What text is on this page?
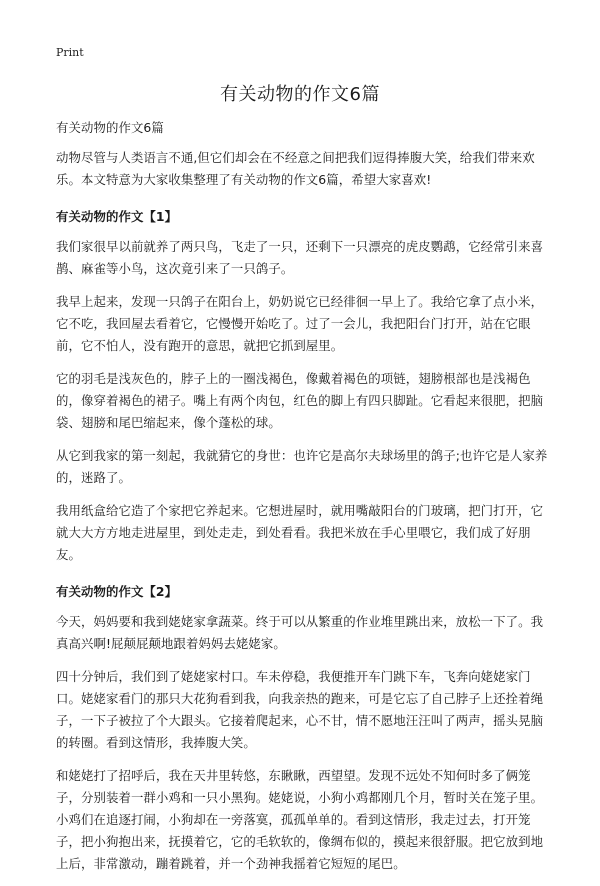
Print
有关动物的作文6篇

有关动物的作文6篇

动物尽管与人类语言不通,但它们却会在不经意之间把我们逗得捧腹大笑，给我们带来欢乐。本文特意为大家收集整理了有关动物的作文6篇，希望大家喜欢!

有关动物的作文【1】

我们家很早以前就养了两只鸟，飞走了一只，还剩下一只漂亮的虎皮鹦鹉，它经常引来喜鹊、麻雀等小鸟，这次竟引来了一只鸽子。

我早上起来，发现一只鸽子在阳台上，奶奶说它已经徘徊一早上了。我给它拿了点小米，它不吃，我回屋去看着它，它慢慢开始吃了。过了一会儿，我把阳台门打开，站在它眼前，它不怕人，没有跑开的意思，就把它抓到屋里。

它的羽毛是浅灰色的，脖子上的一圈浅褐色，像戴着褐色的项链，翅膀根部也是浅褐色的，像穿着褐色的裙子。嘴上有两个肉包，红色的脚上有四只脚趾。它看起来很肥，把脑袋、翅膀和尾巴缩起来，像个蓬松的球。

从它到我家的第一刻起，我就猜它的身世：也许它是高尔夫球场里的鸽子;也许它是人家养的，迷路了。

我用纸盒给它造了个家把它养起来。它想进屋时，就用嘴敲阳台的门玻璃，把门打开，它就大大方方地走进屋里，到处走走，到处看看。我把米放在手心里喂它，我们成了好朋友。

有关动物的作文【2】

今天，妈妈要和我到姥姥家拿蔬菜。终于可以从繁重的作业堆里跳出来，放松一下了。我真高兴啊!屁颠屁颠地跟着妈妈去姥姥家。

四十分钟后，我们到了姥姥家村口。车未停稳，我便推开车门跳下车，飞奔向姥姥家门口。姥姥家看门的那只大花狗看到我，向我亲热的跑来，可是它忘了自己脖子上还拴着绳子，一下子被拉了个大跟头。它接着爬起来，心不甘，情不愿地汪汪叫了两声，摇头晃脑的转圈。看到这情形，我捧腹大笑。

和姥姥打了招呼后，我在天井里转悠，东瞅瞅，西望望。发现不远处不知何时多了俩笼子，分别装着一群小鸡和一只小黑狗。姥姥说，小狗小鸡都刚几个月，暂时关在笼子里。小鸡们在追逐打闹，小狗却在一旁落寞，孤孤单单的。看到这情形，我走过去，打开笼子，把小狗抱出来，抚摸着它，它的毛软软的，像绸布似的，摸起来很舒服。把它放到地上后，非常激动，蹦着跳着，并一个劲神我摇着它短短的尾巴。
